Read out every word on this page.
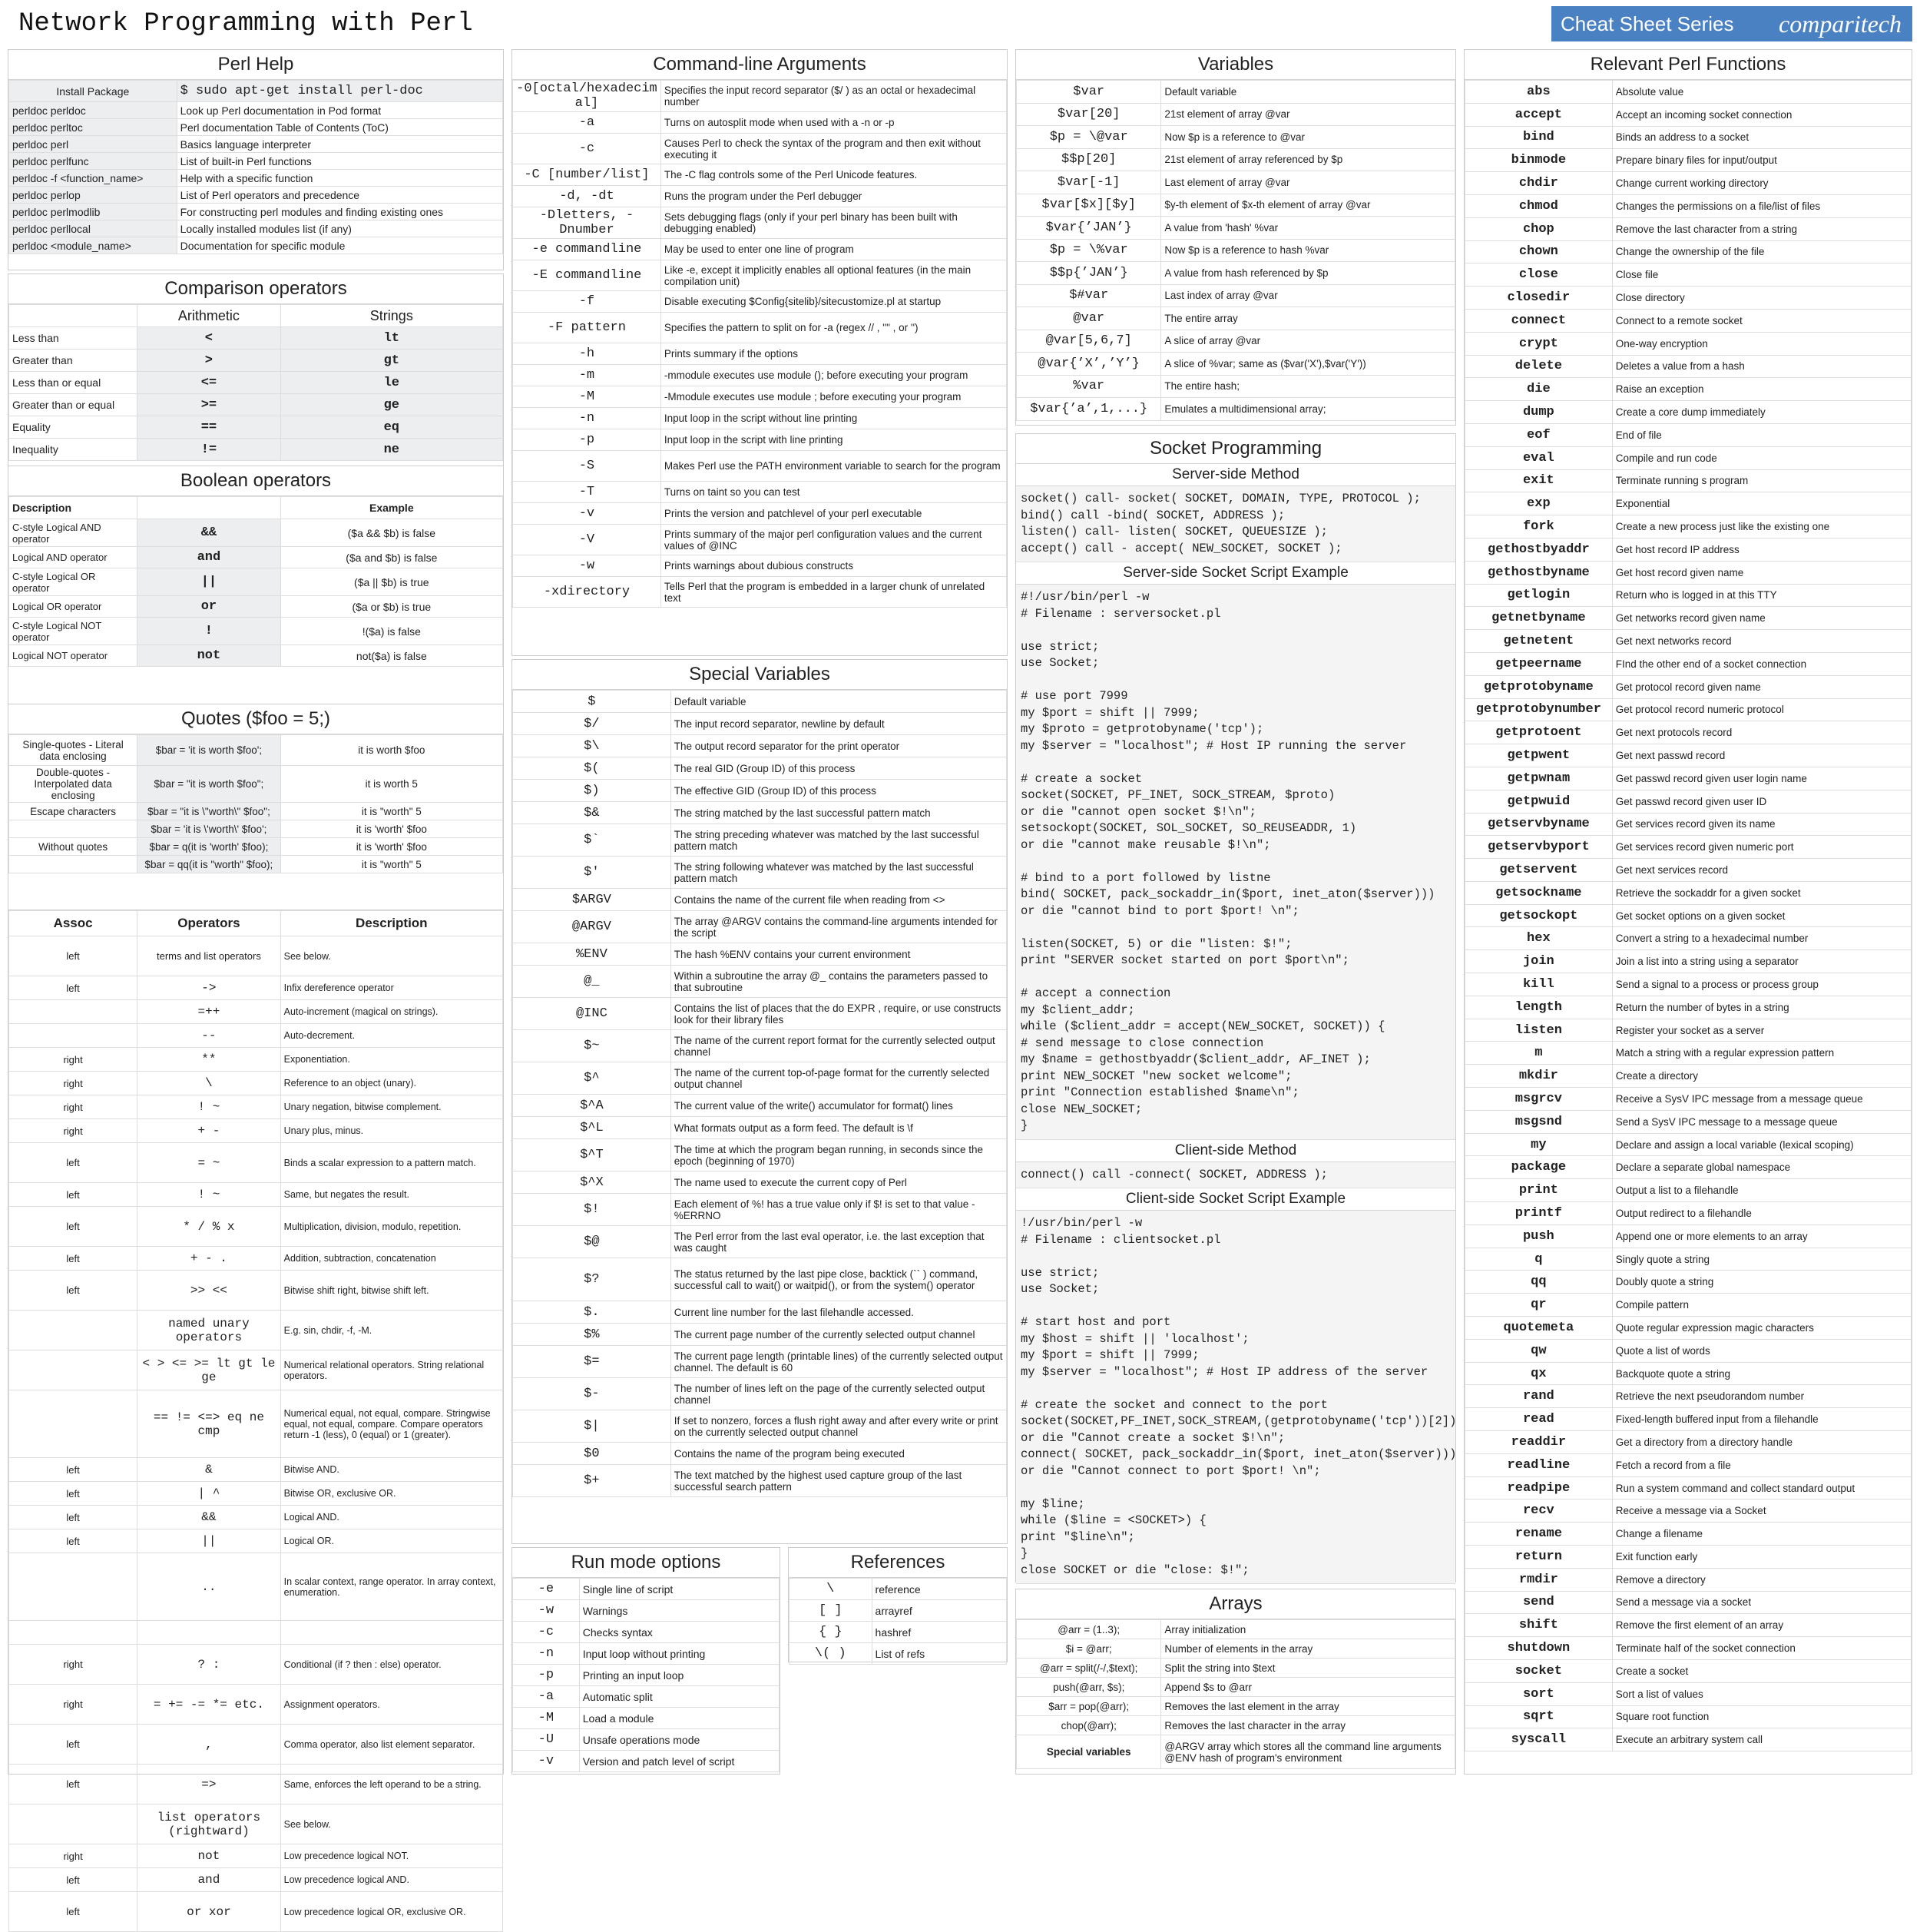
Network Programming with Perl	Cheat Sheet Series comparitech
Perl Help
Install Package	$ sudo apt-get install perl-doc
perldoc perldoc	Look up Perl documentation in Pod format
perldoc perltoc	Perl documentation Table of Contents (ToC)
perldoc perl	Basics language interpreter
perldoc perlfunc	List of built-in Perl functions
perldoc -f <function_name>	Help with a specific function
perldoc perlop	List of Perl operators and precedence
perldoc perlmodlib	For constructing perl modules and finding existing ones
perldoc perllocal	Locally installed modules list (if any)
perldoc <module_name>	Documentation for specific module
Comparison operators
	Arithmetic	Strings
Less than	<	lt
Greater than	>	gt
Less than or equal	<=	le
Greater than or equal	>=	ge
Equality	==	eq
Inequality	!=	ne
Boolean operators
Description		Example
C-style Logical AND operator	&&	($a && $b) is false
Logical AND operator	and	($a and $b) is false
C-style Logical OR operator	||	($a || $b) is true
Logical OR operator	or	($a or $b) is true
C-style Logical NOT operator	!	!($a) is false
Logical NOT operator	not	not($a) is false
Quotes ($foo = 5;)
Single-quotes - Literal data enclosing	$bar = 'it is worth $foo';	it is worth $foo
Double-quotes - Interpolated data enclosing	$bar = "it is worth $foo";	it is worth 5
Escape characters	$bar = "it is \"worth\" $foo";	it is "worth" 5
	$bar = 'it is \'worth\' $foo';	it is 'worth' $foo
Without quotes	$bar = q(it is 'worth' $foo);	it is 'worth' $foo
	$bar = qq(it is "worth" $foo);	it is "worth" 5
Assoc	Operators	Description
left	terms and list operators	See below.
left	->	Infix dereference operator
	=++	Auto-increment (magical on strings).
	--	Auto-decrement.
right	**	Exponentiation.
right	\	Reference to an object (unary).
right	! ~	Unary negation, bitwise complement.
right	+ -	Unary plus, minus.
left	= ~	Binds a scalar expression to a pattern match.
left	! ~	Same, but negates the result.
left	* / % x	Multiplication, division, modulo, repetition.
left	+ - .	Addition, subtraction, concatenation
left	>> <<	Bitwise shift right, bitwise shift left.
	named unary operators	E.g. sin, chdir, -f, -M.
	< > <= >= lt gt le ge	Numerical relational operators. String relational operators.
	== != <=> eq ne cmp	Numerical equal, not equal, compare. Stringwise equal, not equal, compare. Compare operators return -1 (less), 0 (equal) or 1 (greater).
left	&	Bitwise AND.
left	| ^	Bitwise OR, exclusive OR.
left	&&	Logical AND.
left	||	Logical OR.
	..	In scalar context, range operator. In array context, enumeration.

right	? :	Conditional (if ? then : else) operator.
right	= += -= *= etc.	Assignment operators.
left	,	Comma operator, also list element separator.
left	=>	Same, enforces the left operand to be a string.
	list operators (rightward)	See below.
right	not	Low precedence logical NOT.
left	and	Low precedence logical AND.
left	or xor	Low precedence logical OR, exclusive OR.
Command-line Arguments
-0[octal/hexadecimal]	Specifies the input record separator ($/ ) as an octal or hexadecimal number
-a	Turns on autosplit mode when used with a -n or -p
-c	Causes Perl to check the syntax of the program and then exit without executing it
-C [number/list]	The -C flag controls some of the Perl Unicode features.
-d, -dt	Runs the program under the Perl debugger
-Dletters, -Dnumber	Sets debugging flags (only if your perl binary has been built with debugging enabled)
-e commandline	May be used to enter one line of program
-E commandline	Like -e, except it implicitly enables all optional features (in the main compilation unit)
-f	Disable executing $Config{sitelib}/sitecustomize.pl at startup
-F pattern	Specifies the pattern to split on for -a (regex // , "" , or '')
-h	Prints summary if the options
-m	-mmodule executes use module (); before executing your program
-M	-Mmodule executes use module ; before executing your program
-n	Input loop in the script without line printing
-p	Input loop in the script with line printing
-S	Makes Perl use the PATH environment variable to search for the program
-T	Turns on taint so you can test
-v	Prints the version and patchlevel of your perl executable
-V	Prints summary of the major perl configuration values and the current values of @INC
-w	Prints warnings about dubious constructs
-xdirectory	Tells Perl that the program is embedded in a larger chunk of unrelated text
Special Variables
$	Default variable
$/	The input record separator, newline by default
$\	The output record separator for the print operator
$(	The real GID (Group ID) of this process
$)	The effective GID (Group ID) of this process
$&	The string matched by the last successful pattern match
$`	The string preceding whatever was matched by the last successful pattern match
$'	The string following whatever was matched by the last successful pattern match
$ARGV	Contains the name of the current file when reading from <>
@ARGV	The array @ARGV contains the command-line arguments intended for the script
%ENV	The hash %ENV contains your current environment
@_	Within a subroutine the array @_ contains the parameters passed to that subroutine
@INC	Contains the list of places that the do EXPR , require, or use constructs look for their library files
$~	The name of the current report format for the currently selected output channel
$^	The name of the current top-of-page format for the currently selected output channel
$^A	The current value of the write() accumulator for format() lines
$^L	What formats output as a form feed. The default is \f
$^T	The time at which the program began running, in seconds since the epoch (beginning of 1970)
$^X	The name used to execute the current copy of Perl
$!	Each element of %! has a true value only if $! is set to that value - %ERRNO
$@	The Perl error from the last eval operator, i.e. the last exception that was caught
$?	The status returned by the last pipe close, backtick (`` ) command, successful call to wait() or waitpid(), or from the system() operator
$.	Current line number for the last filehandle accessed.
$%	The current page number of the currently selected output channel
$=	The current page length (printable lines) of the currently selected output channel. The default is 60
$-	The number of lines left on the page of the currently selected output channel
$|	If set to nonzero, forces a flush right away and after every write or print on the currently selected output channel
$0	Contains the name of the program being executed
$+	The text matched by the highest used capture group of the last successful search pattern
Run mode options
-e	Single line of script
-w	Warnings
-c	Checks syntax
-n	Input loop without printing
-p	Printing an input loop
-a	Automatic split
-M	Load a module
-U	Unsafe operations mode
-v	Version and patch level of script
References
\	reference
[ ]	arrayref
{ }	hashref
\( )	List of refs
Variables
$var	Default variable
$var[20]	21st element of array @var
$p = \@var	Now $p is a reference to @var
$$p[20]	21st element of array referenced by $p
$var[-1]	Last element of array @var
$var[$x][$y]	$y-th element of $x-th element of array @var
$var{’JAN’}	A value from 'hash' %var
$p = \%var	Now $p is a reference to hash %var
$$p{’JAN’}	A value from hash referenced by $p
$#var	Last index of array @var
@var	The entire array
@var[5,6,7]	A slice of array @var
@var{’X’,’Y’}	A slice of %var; same as ($var('X'),$var('Y'))
%var	The entire hash;
$var{’a’,1,...}	Emulates a multidimensional array;
Socket Programming
Server-side Method
socket() call- socket( SOCKET, DOMAIN, TYPE, PROTOCOL );
bind() call -bind( SOCKET, ADDRESS );
listen() call- listen( SOCKET, QUEUESIZE );
accept() call - accept( NEW_SOCKET, SOCKET );
Server-side Socket Script Example
#!/usr/bin/perl -w
# Filename : serversocket.pl

use strict;
use Socket;

# use port 7999
my $port = shift || 7999;
my $proto = getprotobyname('tcp');
my $server = "localhost"; # Host IP running the server

# create a socket
socket(SOCKET, PF_INET, SOCK_STREAM, $proto)
or die "cannot open socket $!\n";
setsockopt(SOCKET, SOL_SOCKET, SO_REUSEADDR, 1)
or die "cannot make reusable $!\n";

# bind to a port followed by listne
bind( SOCKET, pack_sockaddr_in($port, inet_aton($server)))
or die "cannot bind to port $port! \n";

listen(SOCKET, 5) or die "listen: $!";
print "SERVER socket started on port $port\n";

# accept a connection
my $client_addr;
while ($client_addr = accept(NEW_SOCKET, SOCKET)) {
# send message to close connection
my $name = gethostbyaddr($client_addr, AF_INET );
print NEW_SOCKET "new socket welcome";
print "Connection established $name\n";
close NEW_SOCKET;
}
Client-side Method
connect() call -connect( SOCKET, ADDRESS );
Client-side Socket Script Example
!/usr/bin/perl -w
# Filename : clientsocket.pl

use strict;
use Socket;

# start host and port
my $host = shift || 'localhost';
my $port = shift || 7999;
my $server = "localhost"; # Host IP address of the server

# create the socket and connect to the port
socket(SOCKET,PF_INET,SOCK_STREAM,(getprotobyname('tcp'))[2])
or die "Cannot create a socket $!\n";
connect( SOCKET, pack_sockaddr_in($port, inet_aton($server)))
or die "Cannot connect to port $port! \n";

my $line;
while ($line = <SOCKET>) {
print "$line\n";
}
close SOCKET or die "close: $!";
Arrays
@arr = (1..3);	Array initialization
$i = @arr;	Number of elements in the array
@arr = split(/-/,$text);	Split the string into $text
push(@arr, $s);	Append $s to @arr
$arr = pop(@arr);	Removes the last element in the array
chop(@arr);	Removes the last character in the array
Special variables	@ARGV array which stores all the command line arguments @ENV hash of program's environment
Relevant Perl Functions
abs	Absolute value
accept	Accept an incoming socket connection
bind	Binds an address to a socket
binmode	Prepare binary files for input/output
chdir	Change current working directory
chmod	Changes the permissions on a file/list of files
chop	Remove the last character from a string
chown	Change the ownership of the file
close	Close file
closedir	Close directory
connect	Connect to a remote socket
crypt	One-way encryption
delete	Deletes a value from a hash
die	Raise an exception
dump	Create a core dump immediately
eof	End of file
eval	Compile and run code
exit	Terminate running s program
exp	Exponential
fork	Create a new process just like the existing one
gethostbyaddr	Get host record IP address
gethostbyname	Get host record given name
getlogin	Return who is logged in at this TTY
getnetbyname	Get networks record given name
getnetent	Get next networks record
getpeername	FInd the other end of a socket connection
getprotobyname	Get protocol record given name
getprotobynumber	Get protocol record numeric protocol
getprotoent	Get next protocols record
getpwent	Get next passwd record
getpwnam	Get passwd record given user login name
getpwuid	Get passwd record given user ID
getservbyname	Get services record given its name
getservbyport	Get services record given numeric port
getservent	Get next services record
getsockname	Retrieve the sockaddr for a given socket
getsockopt	Get socket options on a given socket
hex	Convert a string to a hexadecimal number
join	Join a list into a string using a separator
kill	Send a signal to a process or process group
length	Return the number of bytes in a string
listen	Register your socket as a server
m	Match a string with a regular expression pattern
mkdir	Create a directory
msgrcv	Receive a SysV IPC message from a message queue
msgsnd	Send a SysV IPC message to a message queue
my	Declare and assign a local variable (lexical scoping)
package	Declare a separate global namespace
print	Output a list to a filehandle
printf	Output redirect to a filehandle
push	Append one or more elements to an array
q	Singly quote a string
qq	Doubly quote a string
qr	Compile pattern
quotemeta	Quote regular expression magic characters
qw	Quote a list of words
qx	Backquote quote a string
rand	Retrieve the next pseudorandom number
read	Fixed-length buffered input from a filehandle
readdir	Get a directory from a directory handle
readline	Fetch a record from a file
readpipe	Run a system command and collect standard output
recv	Receive a message via a Socket
rename	Change a filename
return	Exit function early
rmdir	Remove a directory
send	Send a message via a socket
shift	Remove the first element of an array
shutdown	Terminate half of the socket connection
socket	Create a socket
sort	Sort a list of values
sqrt	Square root function
syscall	Execute an arbitrary system call
